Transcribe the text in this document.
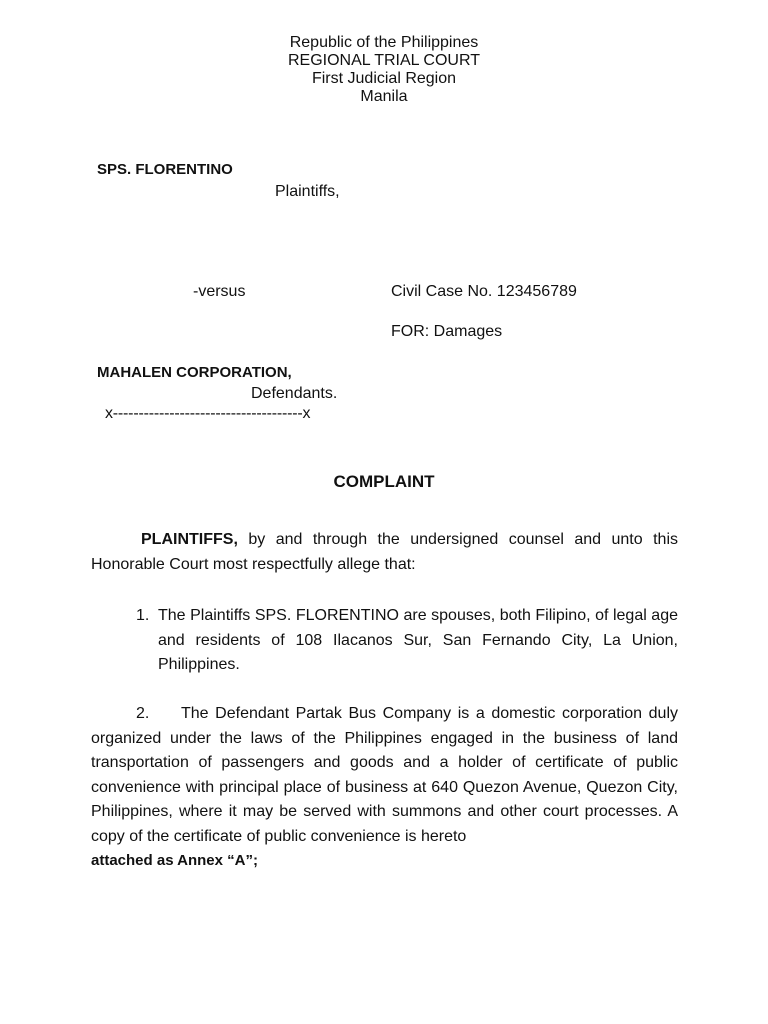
Republic of the Philippines
REGIONAL TRIAL COURT
First Judicial Region
Manila
SPS. FLORENTINO
Plaintiffs,
-versus	Civil Case No. 123456789
FOR: Damages
MAHALEN CORPORATION,
Defendants.
x-------------------------------------x
COMPLAINT
PLAINTIFFS, by and through the undersigned counsel and unto this Honorable Court most respectfully allege that:
1. The Plaintiffs SPS. FLORENTINO are spouses, both Filipino, of legal age and residents of 108 Ilacanos Sur, San Fernando City, La Union, Philippines.
2. The Defendant Partak Bus Company is a domestic corporation duly organized under the laws of the Philippines engaged in the business of land transportation of passengers and goods and a holder of certificate of public convenience with principal place of business at 640 Quezon Avenue, Quezon City, Philippines, where it may be served with summons and other court processes. A copy of the certificate of public convenience is hereto
attached as Annex “A”;
